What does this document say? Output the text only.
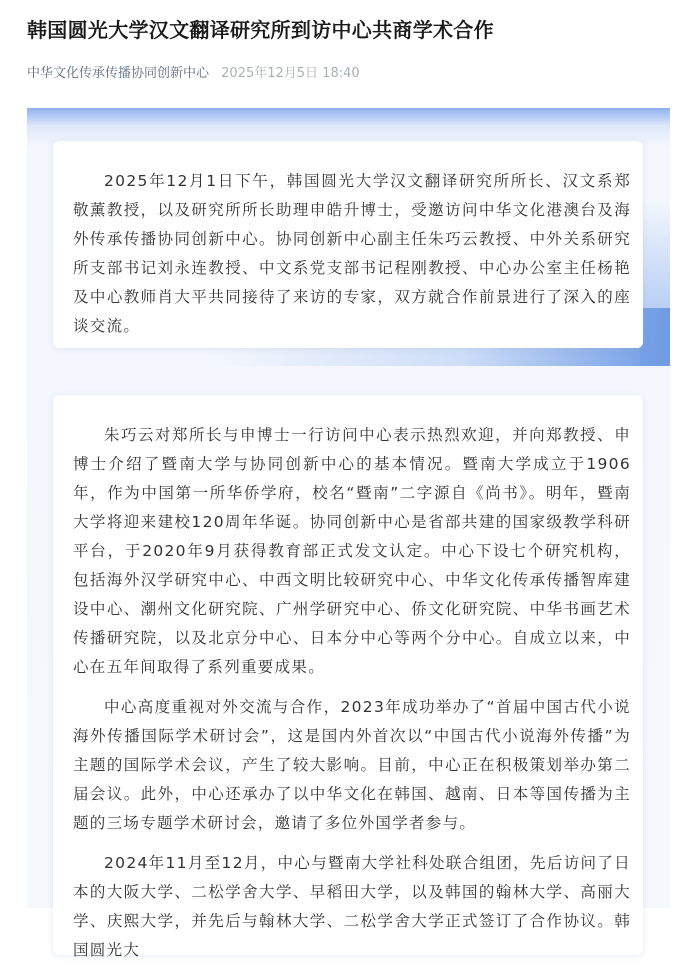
韩国圆光大学汉文翻译研究所到访中心共商学术合作
中华文化传承传播协同创新中心 2025年12月5日 18:40

2025年12月1日下午，韩国圆光大学汉文翻译研究所所长、汉文系郑敬薰教授，以及研究所所长助理申皓升博士，受邀访问中华文化港澳台及海外传承传播协同创新中心。协同创新中心副主任朱巧云教授、中外关系研究所支部书记刘永连教授、中文系党支部书记程刚教授、中心办公室主任杨艳及中心教师肖大平共同接待了来访的专家，双方就合作前景进行了深入的座谈交流。

朱巧云对郑所长与申博士一行访问中心表示热烈欢迎，并向郑教授、申博士介绍了暨南大学与协同创新中心的基本情况。暨南大学成立于1906年，作为中国第一所华侨学府，校名“暨南”二字源自《尚书》。明年，暨南大学将迎来建校120周年华诞。协同创新中心是省部共建的国家级教学科研平台，于2020年9月获得教育部正式发文认定。中心下设七个研究机构，包括海外汉学研究中心、中西文明比较研究中心、中华文化传承传播智库建设中心、潮州文化研究院、广州学研究中心、侨文化研究院、中华书画艺术传播研究院，以及北京分中心、日本分中心等两个分中心。自成立以来，中心在五年间取得了系列重要成果。

中心高度重视对外交流与合作，2023年成功举办了“首届中国古代小说海外传播国际学术研讨会”，这是国内外首次以“中国古代小说海外传播”为主题的国际学术会议，产生了较大影响。目前，中心正在积极策划举办第二届会议。此外，中心还承办了以中华文化在韩国、越南、日本等国传播为主题的三场专题学术研讨会，邀请了多位外国学者参与。

2024年11月至12月，中心与暨南大学社科处联合组团，先后访问了日本的大阪大学、二松学舍大学、早稻田大学，以及韩国的翰林大学、高丽大学、庆熙大学，并先后与翰林大学、二松学舍大学正式签订了合作协议。韩国圆光大
